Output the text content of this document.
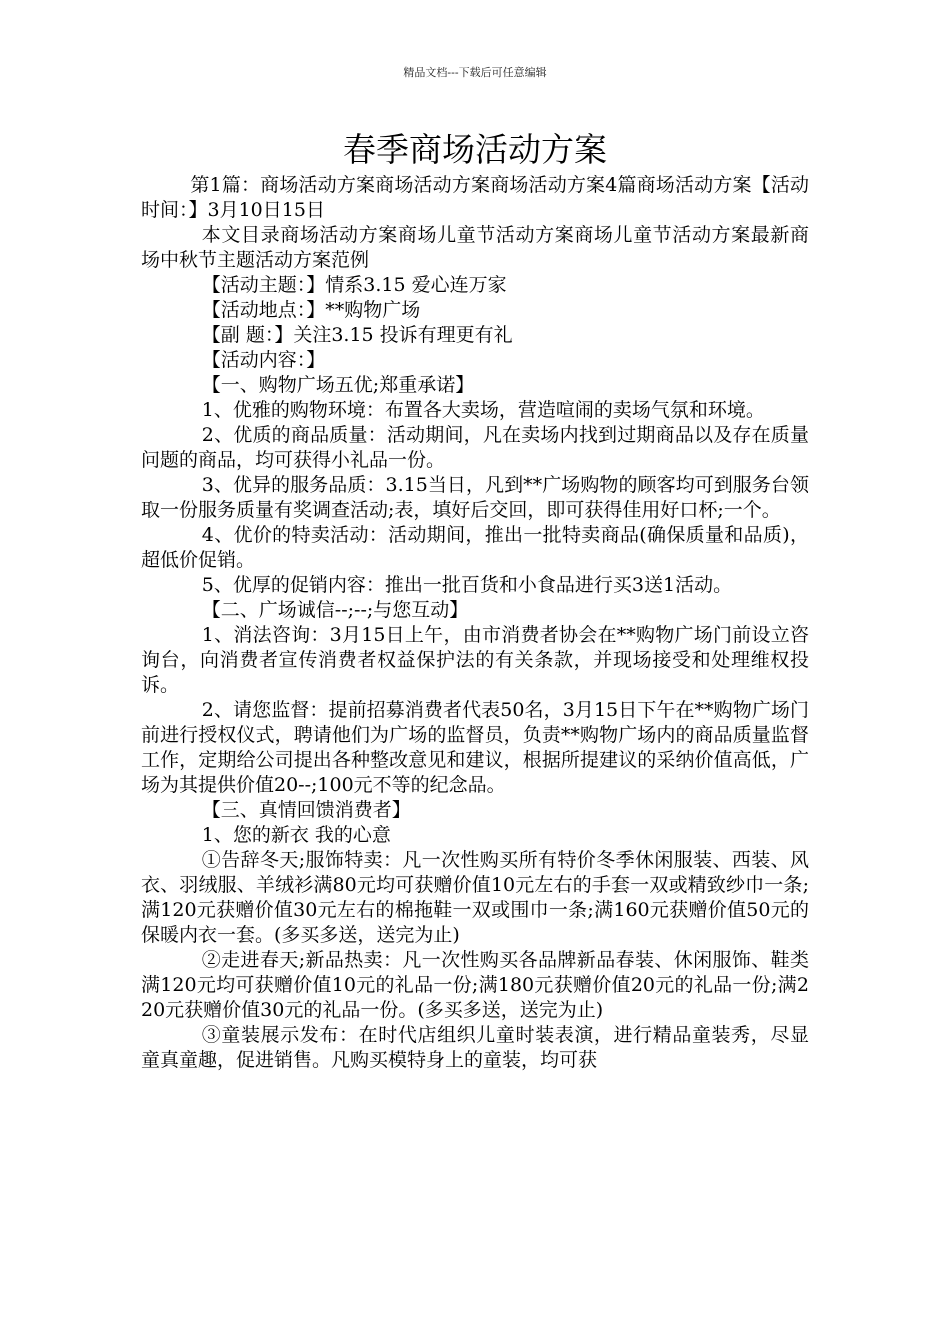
精品文档---下载后可任意编辑
春季商场活动方案

第1篇：商场活动方案商场活动方案商场活动方案4篇商场活动方案【活动时间：】3月10日15日

本文目录商场活动方案商场儿童节活动方案商场儿童节活动方案最新商场中秋节主题活动方案范例

【活动主题：】情系3.15 爱心连万家

【活动地点：】**购物广场

【副 题：】关注3.15 投诉有理更有礼

【活动内容：】

【一、购物广场五优;郑重承诺】

1、优雅的购物环境：布置各大卖场，营造喧闹的卖场气氛和环境。

2、优质的商品质量：活动期间，凡在卖场内找到过期商品以及存在质量问题的商品，均可获得小礼品一份。

3、优异的服务品质：3.15当日，凡到**广场购物的顾客均可到服务台领取一份服务质量有奖调查活动;表，填好后交回，即可获得佳用好口杯;一个。

4、优价的特卖活动：活动期间，推出一批特卖商品(确保质量和品质)，超低价促销。

5、优厚的促销内容：推出一批百货和小食品进行买3送1活动。

【二、广场诚信--;--;与您互动】

1、消法咨询：3月15日上午，由市消费者协会在**购物广场门前设立咨询台，向消费者宣传消费者权益保护法的有关条款，并现场接受和处理维权投诉。

2、请您监督：提前招募消费者代表50名，3月15日下午在**购物广场门前进行授权仪式，聘请他们为广场的监督员，负责**购物广场内的商品质量监督工作，定期给公司提出各种整改意见和建议，根据所提建议的采纳价值高低，广场为其提供价值20--;100元不等的纪念品。

【三、真情回馈消费者】

1、您的新衣 我的心意

①告辞冬天;服饰特卖：凡一次性购买所有特价冬季休闲服装、西装、风衣、羽绒服、羊绒衫满80元均可获赠价值10元左右的手套一双或精致纱巾一条;满120元获赠价值30元左右的棉拖鞋一双或围巾一条;满160元获赠价值50元的保暖内衣一套。(多买多送，送完为止)

②走进春天;新品热卖：凡一次性购买各品牌新品春装、休闲服饰、鞋类满120元均可获赠价值10元的礼品一份;满180元获赠价值20元的礼品一份;满220元获赠价值30元的礼品一份。(多买多送，送完为止)

③童装展示发布：在时代店组织儿童时装表演，进行精品童装秀，尽显童真童趣，促进销售。凡购买模特身上的童装，均可获
